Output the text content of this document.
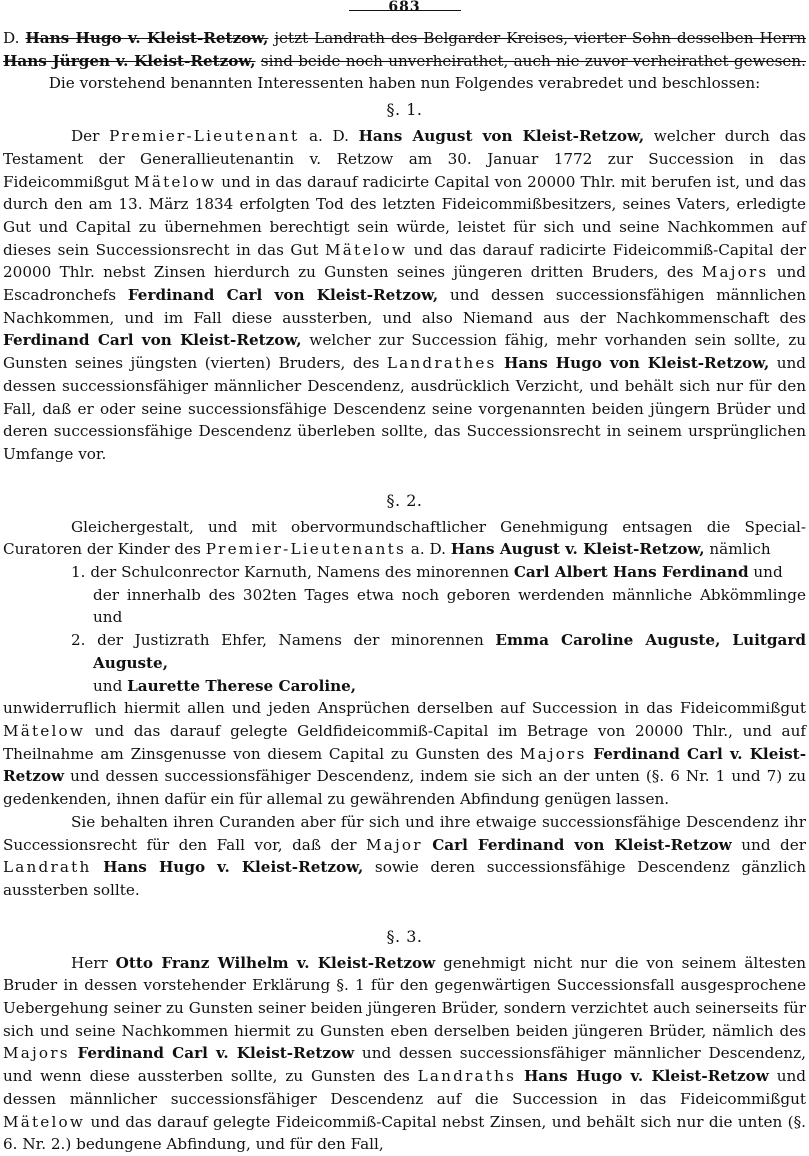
683

D. Hans Hugo v. Kleist-Retzow, jetzt Landrath des Belgarder Kreises, vierter Sohn desselben Herrn Hans Jürgen v. Kleist-Retzow, sind beide noch unverheirathet, auch nie zuvor verheirathet gewesen.

Die vorstehend benannten Interessenten haben nun Folgendes verabredet und beschlossen:

§. 1.

Der Premier-Lieutenant a. D. Hans August von Kleist-Retzow, welcher durch das Testament der Generallieutenantin v. Retzow am 30. Januar 1772 zur Succession in das Fideicommißgut Mätelow und in das darauf radicirte Capital von 20000 Thlr. mit berufen ist, und das durch den am 13. März 1834 erfolgten Tod des letzten Fideicommißbesitzers, seines Vaters, erledigte Gut und Capital zu übernehmen berechtigt sein würde, leistet für sich und seine Nachkommen auf dieses sein Successionsrecht in das Gut Mätelow und das darauf radicirte Fideicommiß-Capital der 20000 Thlr. nebst Zinsen hierdurch zu Gunsten seines jüngeren dritten Bruders, des Majors und Escadronchefs Ferdinand Carl von Kleist-Retzow, und dessen successionsfähigen männlichen Nachkommen, und im Fall diese aussterben, und also Niemand aus der Nachkommenschaft des Ferdinand Carl von Kleist-Retzow, welcher zur Succession fähig, mehr vorhanden sein sollte, zu Gunsten seines jüngsten (vierten) Bruders, des Landrathes Hans Hugo von Kleist-Retzow, und dessen successionsfähiger männlicher Descendenz, ausdrücklich Verzicht, und behält sich nur für den Fall, daß er oder seine successionsfähige Descendenz seine vorgenannten beiden jüngern Brüder und deren successionsfähige Descendenz überleben sollte, das Successionsrecht in seinem ursprünglichen Umfange vor.

§. 2.

Gleichergestalt, und mit obervormundschaftlicher Genehmigung entsagen die Special-Curatoren der Kinder des Premier-Lieutenants a. D. Hans August v. Kleist-Retzow, nämlich

1. der Schulconrector Karnuth, Namens des minorennen Carl Albert Hans Ferdinand und

der innerhalb des 302ten Tages etwa noch geboren werdenden männliche Abkömmlinge und

2. der Justizrath Ehfer, Namens der minorennen Emma Caroline Auguste, Luitgard Auguste,

und Laurette Therese Caroline,

unwiderruflich hiermit allen und jeden Ansprüchen derselben auf Succession in das Fideicommißgut Mätelow und das darauf gelegte Geldfideicommiß-Capital im Betrage von 20000 Thlr., und auf Theilnahme am Zinsgenusse von diesem Capital zu Gunsten des Majors Ferdinand Carl v. Kleist-Retzow und dessen successionsfähiger Descendenz, indem sie sich an der unten (§. 6 Nr. 1 und 7) zu gedenkenden, ihnen dafür ein für allemal zu gewährenden Abfindung genügen lassen.

Sie behalten ihren Curanden aber für sich und ihre etwaige successionsfähige Descendenz ihr Successionsrecht für den Fall vor, daß der Major Carl Ferdinand von Kleist-Retzow und der Landrath Hans Hugo v. Kleist-Retzow, sowie deren successionsfähige Descendenz gänzlich aussterben sollte.

§. 3.

Herr Otto Franz Wilhelm v. Kleist-Retzow genehmigt nicht nur die von seinem ältesten Bruder in dessen vorstehender Erklärung §. 1 für den gegenwärtigen Successionsfall ausgesprochene Uebergehung seiner zu Gunsten seiner beiden jüngeren Brüder, sondern verzichtet auch seinerseits für sich und seine Nachkommen hiermit zu Gunsten eben derselben beiden jüngeren Brüder, nämlich des Majors Ferdinand Carl v. Kleist-Retzow und dessen successionsfähiger männlicher Descendenz, und wenn diese aussterben sollte, zu Gunsten des Landraths Hans Hugo v. Kleist-Retzow und dessen männlicher successionsfähiger Descendenz auf die Succession in das Fideicommißgut Mätelow und das darauf gelegte Fideicommiß-Capital nebst Zinsen, und behält sich nur die unten (§. 6. Nr. 2.) bedungene Abfindung, und für den Fall,
